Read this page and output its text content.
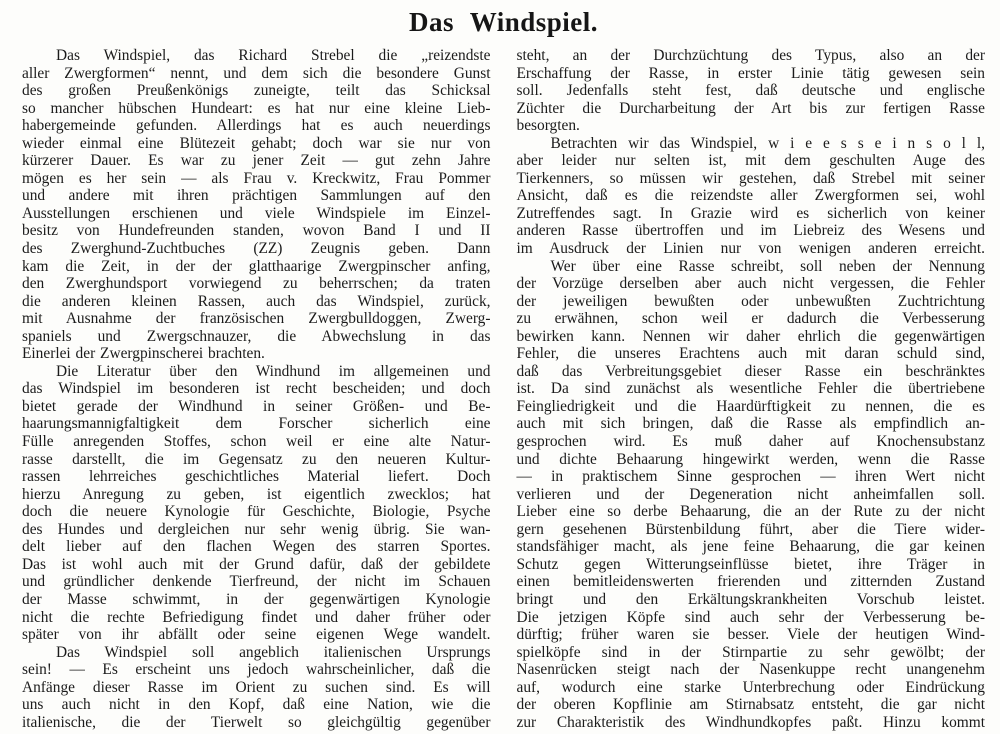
Das Windspiel.
Das Windspiel, das Richard Strebel die „reizendste
aller Zwergformen“ nennt, und dem sich die besondere Gunst
des großen Preußenkönigs zuneigte, teilt das Schicksal
so mancher hübschen Hundeart: es hat nur eine kleine Lieb-
habergemeinde gefunden. Allerdings hat es auch neuerdings
wieder einmal eine Blütezeit gehabt; doch war sie nur von
kürzerer Dauer. Es war zu jener Zeit — gut zehn Jahre
mögen es her sein — als Frau v. Kreckwitz, Frau Pommer
und andere mit ihren prächtigen Sammlungen auf den
Ausstellungen erschienen und viele Windspiele im Einzel-
besitz von Hundefreunden standen, wovon Band I und II
des Zwerghund-Zuchtbuches (ZZ) Zeugnis geben. Dann
kam die Zeit, in der der glatthaarige Zwergpinscher anfing,
den Zwerghundsport vorwiegend zu beherrschen; da traten
die anderen kleinen Rassen, auch das Windspiel, zurück,
mit Ausnahme der französischen Zwergbulldoggen, Zwerg-
spaniels und Zwergschnauzer, die Abwechslung in das
Einerlei der Zwergpinscherei brachten.
Die Literatur über den Windhund im allgemeinen und
das Windspiel im besonderen ist recht bescheiden; und doch
bietet gerade der Windhund in seiner Größen- und Be-
haarungsmannigfaltigkeit dem Forscher sicherlich eine
Fülle anregenden Stoffes, schon weil er eine alte Natur-
rasse darstellt, die im Gegensatz zu den neueren Kultur-
rassen lehrreiches geschichtliches Material liefert. Doch
hierzu Anregung zu geben, ist eigentlich zwecklos; hat
doch die neuere Kynologie für Geschichte, Biologie, Psyche
des Hundes und dergleichen nur sehr wenig übrig. Sie wan-
delt lieber auf den flachen Wegen des starren Sportes.
Das ist wohl auch mit der Grund dafür, daß der gebildete
und gründlicher denkende Tierfreund, der nicht im Schauen
der Masse schwimmt, in der gegenwärtigen Kynologie
nicht die rechte Befriedigung findet und daher früher oder
später von ihr abfällt oder seine eigenen Wege wandelt.
Das Windspiel soll angeblich italienischen Ursprungs
sein! — Es erscheint uns jedoch wahrscheinlicher, daß die
Anfänge dieser Rasse im Orient zu suchen sind. Es will
uns auch nicht in den Kopf, daß eine Nation, wie die
italienische, die der Tierwelt so gleichgültig gegenüber
steht, an der Durchzüchtung des Typus, also an der
Erschaffung der Rasse, in erster Linie tätig gewesen sein
soll. Jedenfalls steht fest, daß deutsche und englische
Züchter die Durcharbeitung der Art bis zur fertigen Rasse
besorgten.
Betrachten wir das Windspiel, w i e e s s e i n s o l l,
aber leider nur selten ist, mit dem geschulten Auge des
Tierkenners, so müssen wir gestehen, daß Strebel mit seiner
Ansicht, daß es die reizendste aller Zwergformen sei, wohl
Zutreffendes sagt. In Grazie wird es sicherlich von keiner
anderen Rasse übertroffen und im Liebreiz des Wesens und
im Ausdruck der Linien nur von wenigen anderen erreicht.
Wer über eine Rasse schreibt, soll neben der Nennung
der Vorzüge derselben aber auch nicht vergessen, die Fehler
der jeweiligen bewußten oder unbewußten Zuchtrichtung
zu erwähnen, schon weil er dadurch die Verbesserung
bewirken kann. Nennen wir daher ehrlich die gegenwärtigen
Fehler, die unseres Erachtens auch mit daran schuld sind,
daß das Verbreitungsgebiet dieser Rasse ein beschränktes
ist. Da sind zunächst als wesentliche Fehler die übertriebene
Feingliedrigkeit und die Haardürftigkeit zu nennen, die es
auch mit sich bringen, daß die Rasse als empfindlich an-
gesprochen wird. Es muß daher auf Knochensubstanz
und dichte Behaarung hingewirkt werden, wenn die Rasse
— in praktischem Sinne gesprochen — ihren Wert nicht
verlieren und der Degeneration nicht anheimfallen soll.
Lieber eine so derbe Behaarung, die an der Rute zu der nicht
gern gesehenen Bürstenbildung führt, aber die Tiere wider-
standsfähiger macht, als jene feine Behaarung, die gar keinen
Schutz gegen Witterungseinflüsse bietet, ihre Träger in
einen bemitleidenswerten frierenden und zitternden Zustand
bringt und den Erkältungskrankheiten Vorschub leistet.
Die jetzigen Köpfe sind auch sehr der Verbesserung be-
dürftig; früher waren sie besser. Viele der heutigen Wind-
spielköpfe sind in der Stirnpartie zu sehr gewölbt; der
Nasenrücken steigt nach der Nasenkuppe recht unangenehm
auf, wodurch eine starke Unterbrechung oder Eindrückung
der oberen Kopflinie am Stirnabsatz entsteht, die gar nicht
zur Charakteristik des Windhundkopfes paßt. Hinzu kommt
